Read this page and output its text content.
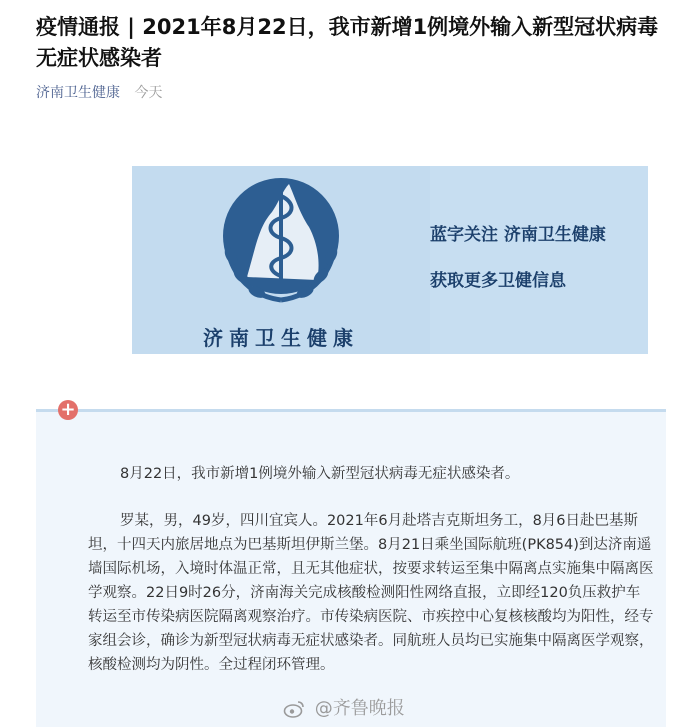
疫情通报 | 2021年8月22日，我市新增1例境外输入新型冠状病毒无症状感染者
济南卫生健康 今天
济南卫生健康
蓝字关注 济南卫生健康
获取更多卫健信息

8月22日，我市新增1例境外输入新型冠状病毒无症状感染者。

罗某，男，49岁，四川宜宾人。2021年6月赴塔吉克斯坦务工，8月6日赴巴基斯坦，十四天内旅居地点为巴基斯坦伊斯兰堡。8月21日乘坐国际航班(PK854)到达济南遥墙国际机场，入境时体温正常，且无其他症状，按要求转运至集中隔离点实施集中隔离医学观察。22日9时26分，济南海关完成核酸检测阳性网络直报，立即经120负压救护车转运至市传染病医院隔离观察治疗。市传染病医院、市疾控中心复核核酸均为阳性，经专家组会诊，确诊为新型冠状病毒无症状感染者。同航班人员均已实施集中隔离医学观察，核酸检测均为阴性。全过程闭环管理。

+
@齐鲁晚报
